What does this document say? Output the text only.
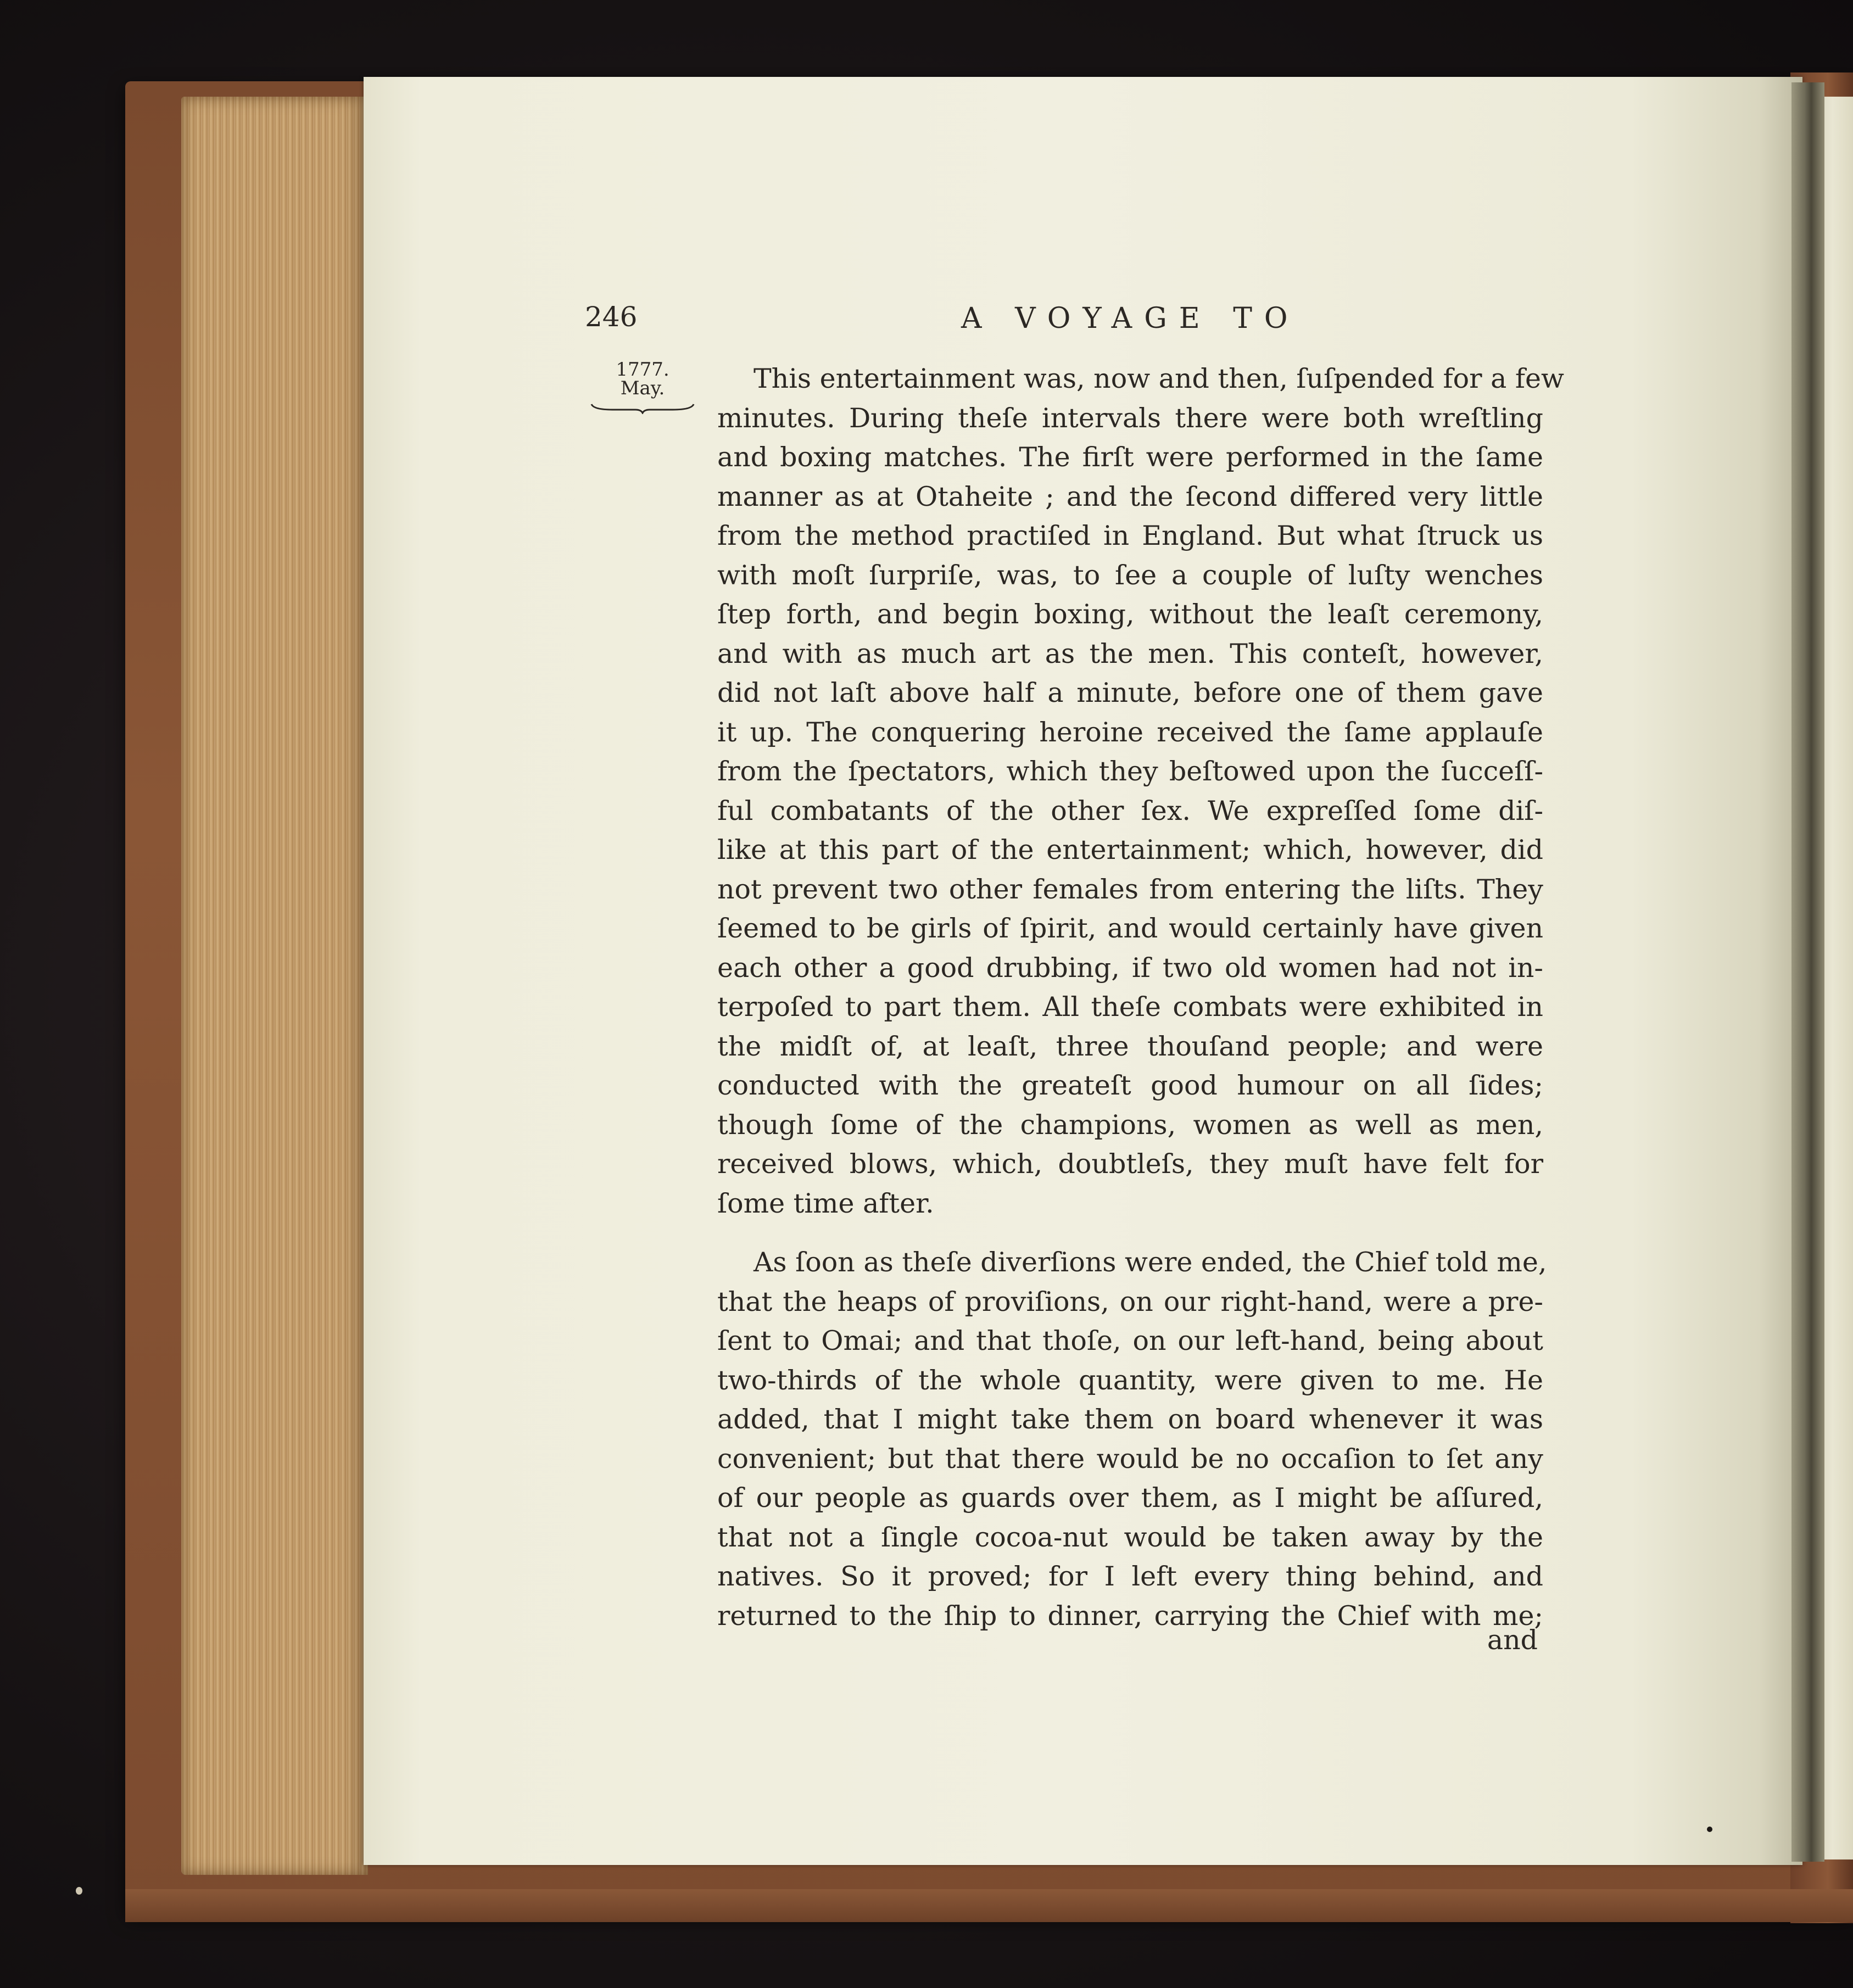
246	A VOYAGE TO
1777.
May.	This entertainment was, now and then, ſuſpended for a few
minutes. During theſe intervals there were both wreſtling
and boxing matches. The firſt were performed in the ſame
manner as at Otaheite ; and the ſecond differed very little
from the method practiſed in England. But what ſtruck us
with moſt ſurpriſe, was, to ſee a couple of luſty wenches
ſtep forth, and begin boxing, without the leaſt ceremony,
and with as much art as the men. This conteſt, however,
did not laſt above half a minute, before one of them gave
it up. The conquering heroine received the ſame applauſe
from the ſpectators, which they beſtowed upon the ſucceſſ-
ful combatants of the other ſex. We expreſſed ſome diſ-
like at this part of the entertainment; which, however, did
not prevent two other females from entering the liſts. They
ſeemed to be girls of ſpirit, and would certainly have given
each other a good drubbing, if two old women had not in-
terpoſed to part them. All theſe combats were exhibited in
the midſt of, at leaſt, three thouſand people; and were
conducted with the greateſt good humour on all ſides;
though ſome of the champions, women as well as men,
received blows, which, doubtleſs, they muſt have felt for
ſome time after.
As ſoon as theſe diverſions were ended, the Chief told me,
that the heaps of proviſions, on our right-hand, were a pre-
ſent to Omai; and that thoſe, on our left-hand, being about
two-thirds of the whole quantity, were given to me. He
added, that I might take them on board whenever it was
convenient; but that there would be no occaſion to ſet any
of our people as guards over them, as I might be aſſured,
that not a ſingle cocoa-nut would be taken away by the
natives. So it proved; for I left every thing behind, and
returned to the ſhip to dinner, carrying the Chief with me;
and
